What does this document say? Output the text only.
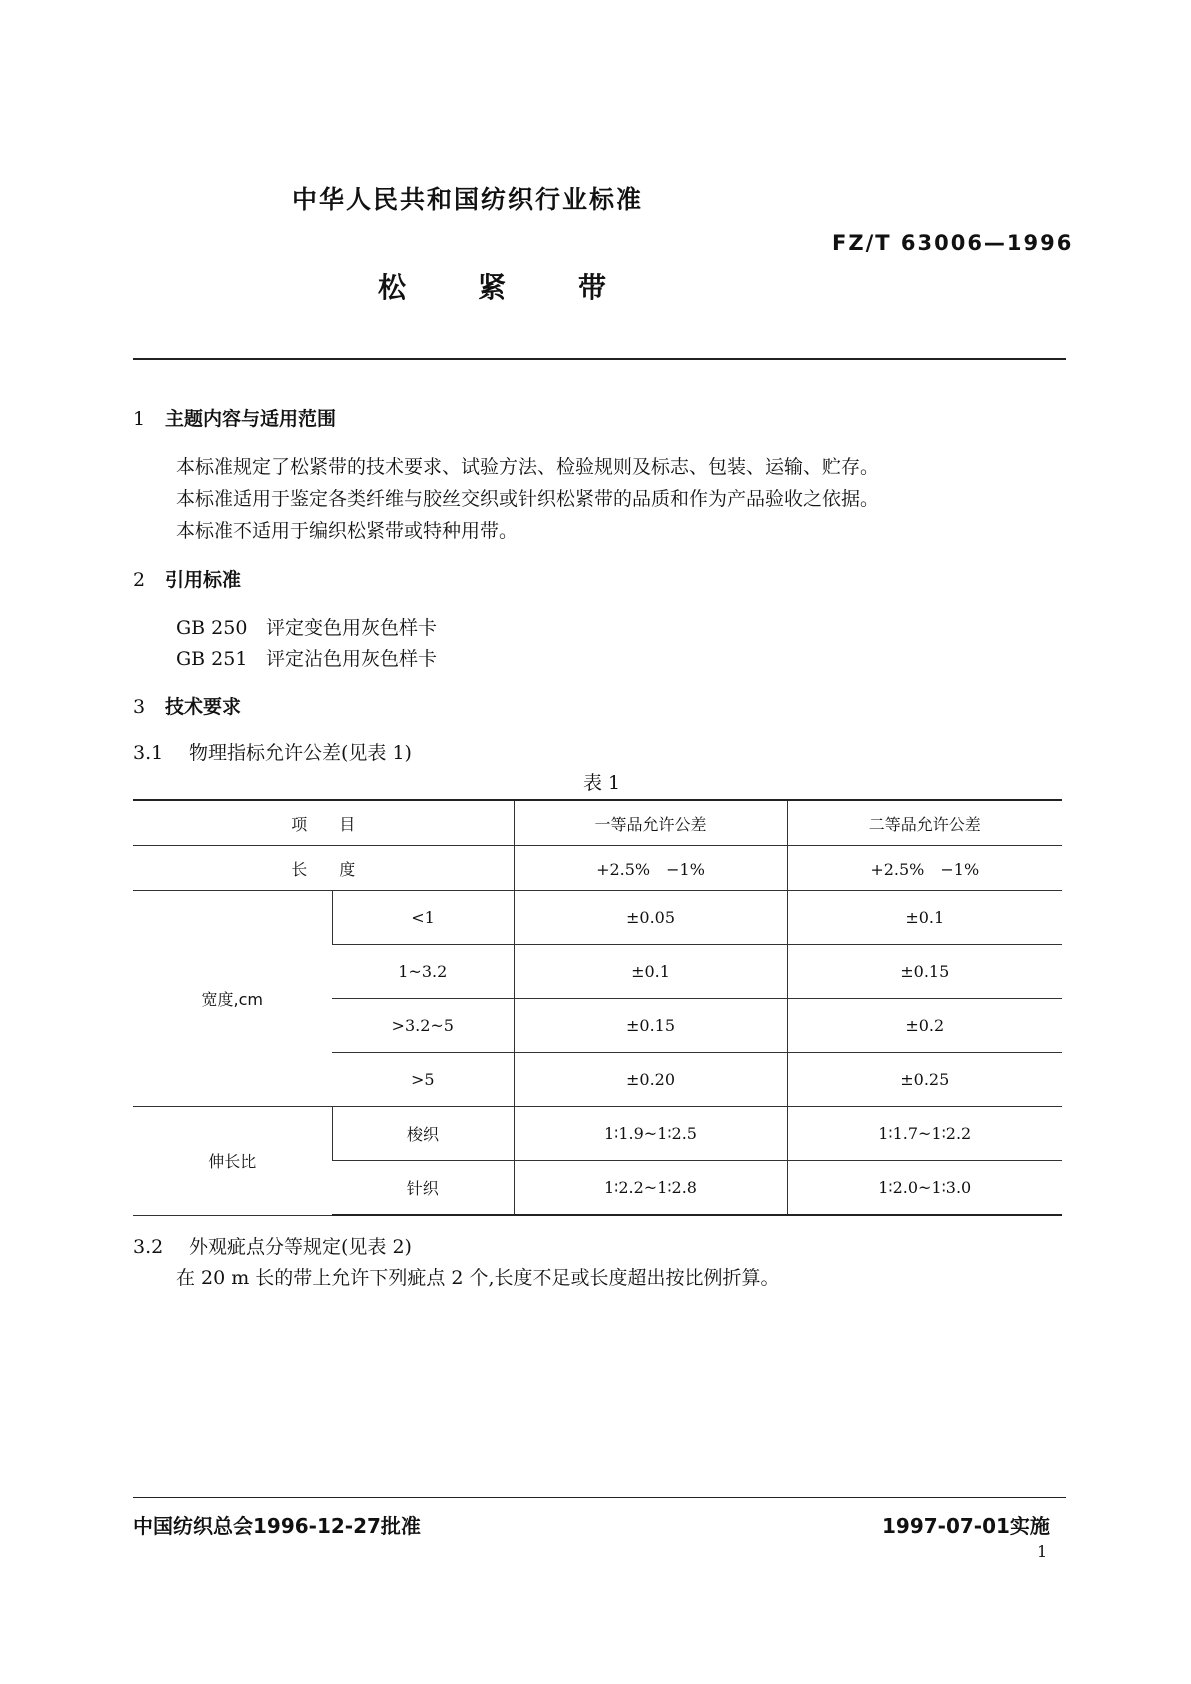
中华人民共和国纺织行业标准
FZ/T 63006—1996
松	紧	带
1 主题内容与适用范围
本标准规定了松紧带的技术要求、试验方法、检验规则及标志、包装、运输、贮存。
本标准适用于鉴定各类纤维与胶丝交织或针织松紧带的品质和作为产品验收之依据。
本标准不适用于编织松紧带或特种用带。
2 引用标准
GB 250 评定变色用灰色样卡
GB 251 评定沾色用灰色样卡
3 技术要求
3.1 物理指标允许公差(见表 1)
表 1
项　　目		一等品允许公差	二等品允许公差
长　　度		+2.5%　−1%	+2.5%　−1%
宽度,cm	<1	±0.05	±0.1
	1~3.2	±0.1	±0.15
	>3.2~5	±0.15	±0.2
	>5	±0.20	±0.25
伸长比	梭织	1∶1.9~1∶2.5	1∶1.7~1∶2.2
	针织	1∶2.2~1∶2.8	1∶2.0~1∶3.0
3.2 外观疵点分等规定(见表 2)
在 20 m 长的带上允许下列疵点 2 个,长度不足或长度超出按比例折算。
中国纺织总会1996-12-27批准	1997-07-01实施
1
